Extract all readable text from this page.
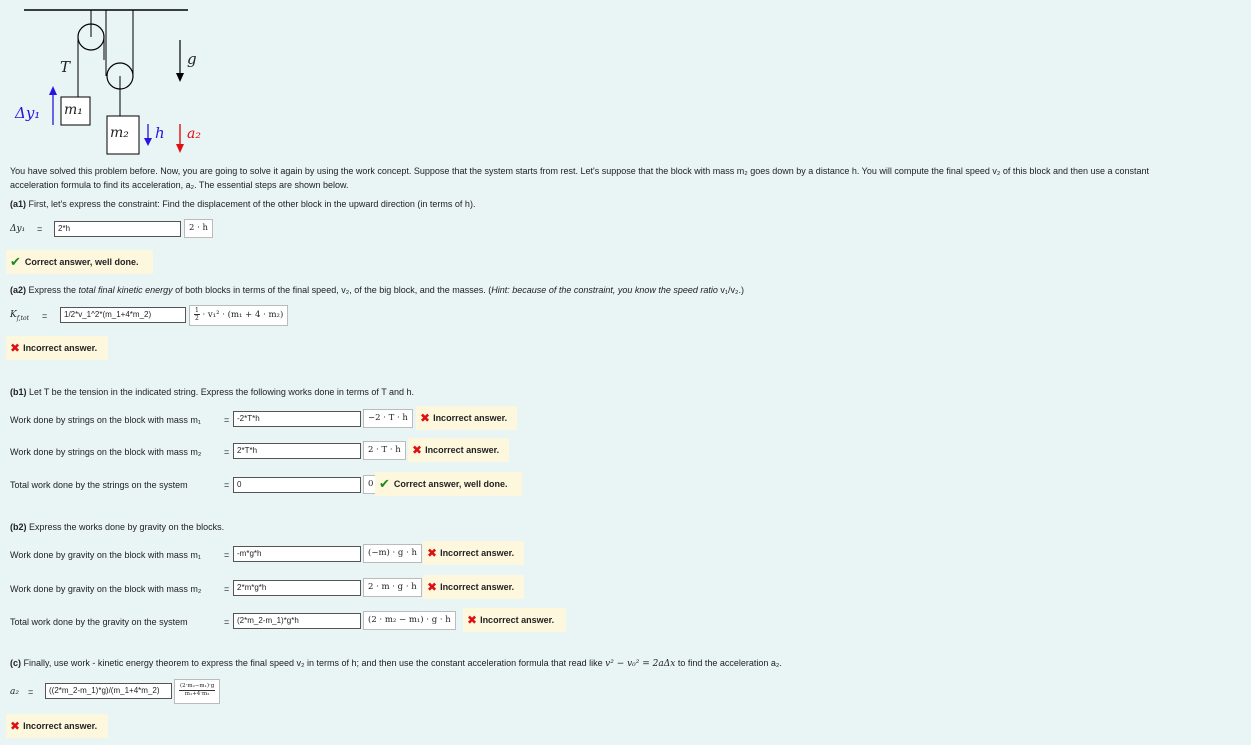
T	g
Δy₁ m₁
m₂ h a₂
You have solved this problem before. Now, you are going to solve it again by using the work concept. Suppose that the system starts from rest. Let's suppose that the block with mass m₂ goes down by a distance h. You will compute the final speed v₂ of this block and then use a constant
acceleration formula to find its acceleration, a₂. The essential steps are shown below.
(a1) First, let's express the constraint: Find the displacement of the other block in the upward direction (in terms of h).
Δy₁ =	2*h	2 · h
✔ Correct answer, well done.
(a2) Express the total final kinetic energy of both blocks in terms of the final speed, v₂, of the big block, and the masses. (Hint: because of the constraint, you know the speed ratio v₁/v₂.)
$K_{f,tot}$ =	1/2*v_1^2*(m_1+4*m_2)	$\frac{1}{2} \cdot v_1^2 \cdot (m_1 + 4 \cdot m_2)$
✖ Incorrect answer.
(b1) Let T be the tension in the indicated string. Express the following works done in terms of T and h.
Work done by strings on the block with mass m₁	= -2*T*h	−2 · T · h	✖ Incorrect answer.
Work done by strings on the block with mass m₂	= 2*T*h	2 · T · h ✖ Incorrect answer.
Total work done by the strings on the system	= 0	0 ✔ Correct answer, well done.
(b2) Express the works done by gravity on the blocks.
Work done by gravity on the block with mass m₁	= -m*g*h	(−m) · g · h ✖ Incorrect answer.
Work done by gravity on the block with mass m₂	= 2*m*g*h	2 · m · g · h ✖ Incorrect answer.
Total work done by the gravity on the system	= (2*m_2-m_1)*g*h	(2 · m₂ − m₁) · g · h	✖ Incorrect answer.
(c) Finally, use work - kinetic energy theorem to express the final speed v₂ in terms of h; and then use the constant acceleration formula that read like v² − v₀² = 2aΔx to find the acceleration a₂.
a₂ =	((2*m_2-m_1)*g)/(m_1+4*m_2)	$\frac{\text{(2·m₂−m₁)·g}}{\text{m₁+4·m₂}}$
✖ Incorrect answer.
